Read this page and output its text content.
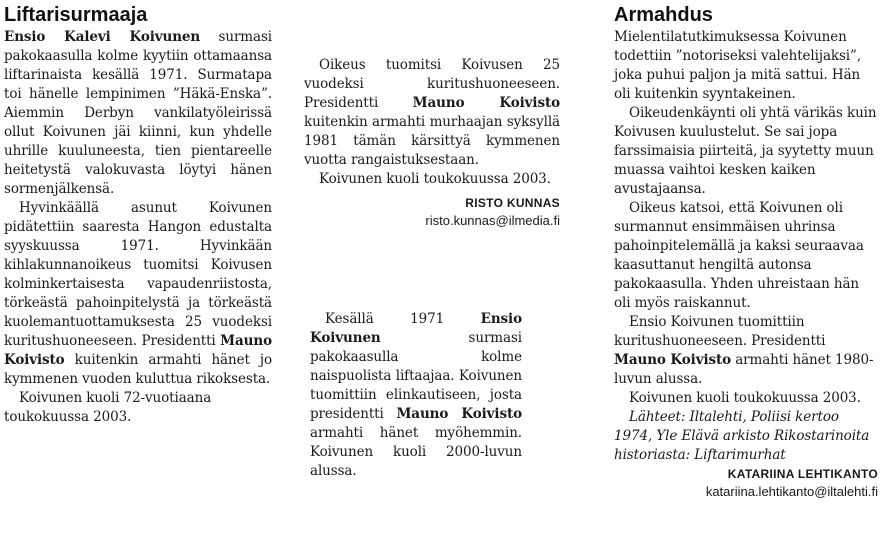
Liftarisurmaaja

Ensio Kalevi Koivunen surmasi pakokaasulla kolme kyytiin ottamaansa liftarinaista kesällä 1971. Surmatapa toi hänelle lempinimen ”Häkä-Enska”. Aiemmin Derbyn vankilatyöleirissä ollut Koivunen jäi kiinni, kun yhdelle uhrille kuuluneesta, tien pientareelle heitetystä valokuvasta löytyi hänen sormenjälkensä.

Hyvinkäällä asunut Koivunen pidätettiin saaresta Hangon edustalta syyskuussa 1971. Hyvinkään kihlakunnanoikeus tuomitsi Koivusen kolminkertaisesta vapaudenriistosta, törkeästä pahoinpitelystä ja törkeästä kuolemantuottamuksesta 25 vuodeksi kuritushuoneeseen. Presidentti Mauno Koivisto kuitenkin armahti hänet jo kymmenen vuoden kuluttua rikoksesta.

Koivunen kuoli 72-vuotiaana toukokuussa 2003.

Oikeus tuomitsi Koivusen 25 vuodeksi kuritushuoneeseen. Presidentti Mauno Koivisto kuitenkin armahti murhaajan syksyllä 1981 tämän kärsittyä kymmenen vuotta rangaistuksestaan.

Koivunen kuoli toukokuussa 2003.

RISTO KUNNAS
risto.kunnas@ilmedia.fi

Kesällä 1971 Ensio Koivunen surmasi pakokaasulla kolme naispuolista liftaajaa. Koivunen tuomittiin elinkautiseen, josta presidentti Mauno Koivisto armahti hänet myöhemmin. Koivunen kuoli 2000-luvun alussa.

Armahdus

Mielentilatutkimuksessa Koivunen todettiin ”notoriseksi valehtelijaksi”, joka puhui paljon ja mitä sattui. Hän oli kuitenkin syyntakeinen.

Oikeudenkäynti oli yhtä värikäs kuin Koivusen kuulustelut. Se sai jopa farssimaisia piirteitä, ja syytetty muun muassa vaihtoi kesken kaiken avustajaansa.

Oikeus katsoi, että Koivunen oli surmannut ensimmäisen uhrinsa pahoinpitelemällä ja kaksi seuraavaa kaasuttanut hengiltä autonsa pakokaasulla. Yhden uhreistaan hän oli myös raiskannut.

Ensio Koivunen tuomittiin kuritushuoneeseen. Presidentti Mauno Koivisto armahti hänet 1980-luvun alussa.

Koivunen kuoli toukokuussa 2003.

Lähteet: Iltalehti, Poliisi kertoo 1974, Yle Elävä arkisto Rikostarinoita historiasta: Liftarimurhat

KATARIINA LEHTIKANTO
katariina.lehtikanto@iltalehti.fi
